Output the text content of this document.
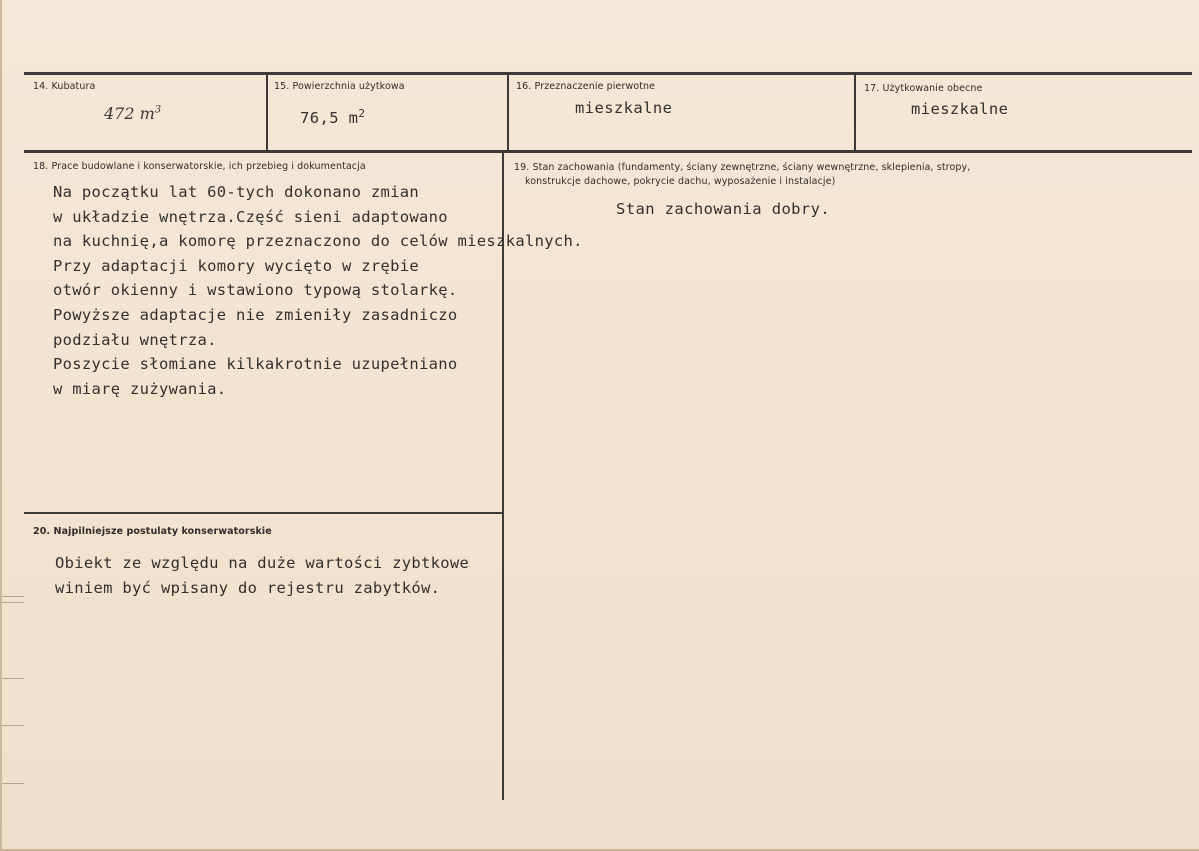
14. Kubatura
472 $m^3$
15. Powierzchnia użytkowa
76,5 $m^2$
16. Przeznaczenie pierwotne
mieszkalne
17. Użytkowanie obecne
mieszkalne
18. Prace budowlane i konserwatorskie, ich przebieg i dokumentacja
Na początku lat 60-tych dokonano zmian
w układzie wnętrza.Część sieni adaptowano
na kuchnię,a komorę przeznaczono do celów mieszkalnych.
Przy adaptacji komory wycięto w zrębie
otwór okienny i wstawiono typową stolarkę.
Powyższe adaptacje nie zmieniły zasadniczo
podziału wnętrza.
Poszycie słomiane kilkakrotnie uzupełniano
w miarę zużywania.
19. Stan zachowania (fundamenty, ściany zewnętrzne, ściany wewnętrzne, sklepienia, stropy,
konstrukcje dachowe, pokrycie dachu, wyposażenie i instalacje)
Stan zachowania dobry.
20. Najpilniejsze postulaty konserwatorskie
Obiekt ze względu na duże wartości zybtkowe
winiem być wpisany do rejestru zabytków.
